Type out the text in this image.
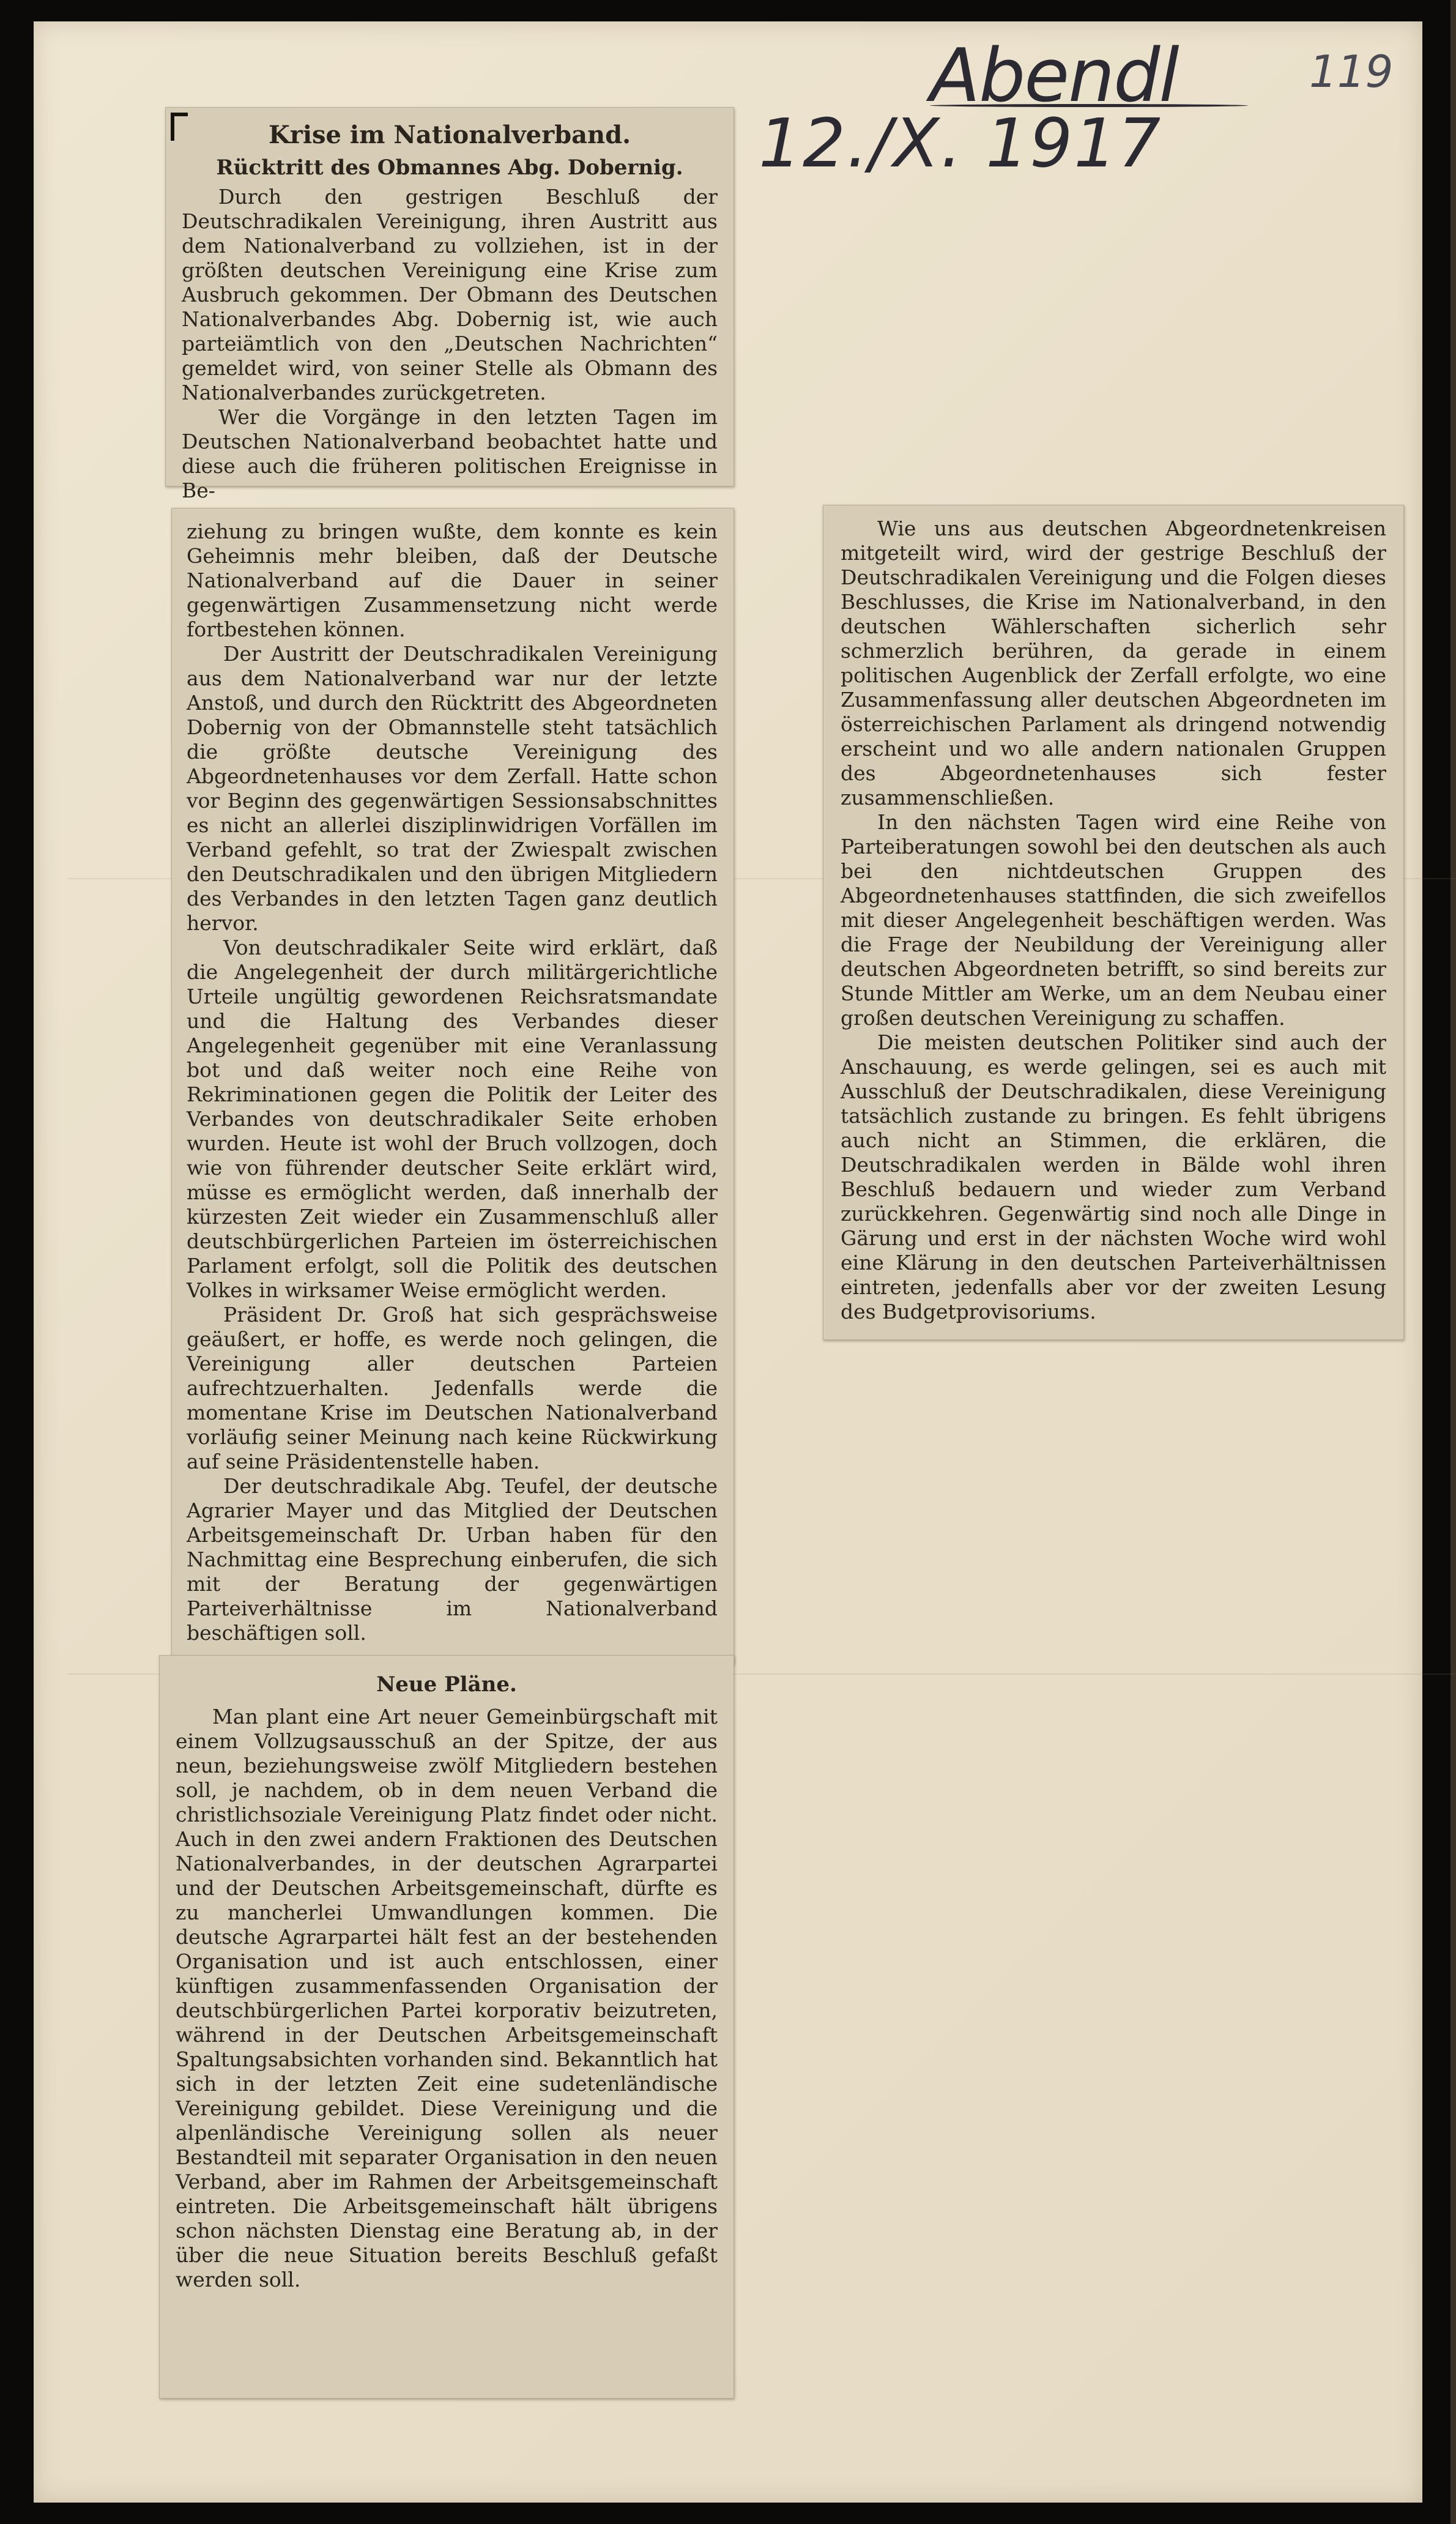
Abendl	119
12./X. 1917
Krise im Nationalverband.
Rücktritt des Obmannes Abg. Dobernig.

Durch den gestrigen Beschluß der Deutschradikalen Vereinigung, ihren Austritt aus dem Nationalverband zu vollziehen, ist in der größten deutschen Vereinigung eine Krise zum Ausbruch gekommen. Der Obmann des Deutschen Nationalverbandes Abg. Dobernig ist, wie auch parteiämtlich von den „Deutschen Nachrichten“ gemeldet wird, von seiner Stelle als Obmann des Nationalverbandes zurückgetreten.

Wer die Vorgänge in den letzten Tagen im Deutschen Nationalverband beobachtet hatte und diese auch die früheren politischen Ereignisse in Be-

ziehung zu bringen wußte, dem konnte es kein Geheimnis mehr bleiben, daß der Deutsche Nationalverband auf die Dauer in seiner gegenwärtigen Zusammensetzung nicht werde fortbestehen können.

Der Austritt der Deutschradikalen Vereinigung aus dem Nationalverband war nur der letzte Anstoß, und durch den Rücktritt des Abgeordneten Dobernig von der Obmannstelle steht tatsächlich die größte deutsche Vereinigung des Abgeordnetenhauses vor dem Zerfall. Hatte schon vor Beginn des gegenwärtigen Sessionsabschnittes es nicht an allerlei disziplinwidrigen Vorfällen im Verband gefehlt, so trat der Zwiespalt zwischen den Deutschradikalen und den übrigen Mitgliedern des Verbandes in den letzten Tagen ganz deutlich hervor.

Von deutschradikaler Seite wird erklärt, daß die Angelegenheit der durch militärgerichtliche Urteile ungültig gewordenen Reichsratsmandate und die Haltung des Verbandes dieser Angelegenheit gegenüber mit eine Veranlassung bot und daß weiter noch eine Reihe von Rekriminationen gegen die Politik der Leiter des Verbandes von deutschradikaler Seite erhoben wurden. Heute ist wohl der Bruch vollzogen, doch wie von führender deutscher Seite erklärt wird, müsse es ermöglicht werden, daß innerhalb der kürzesten Zeit wieder ein Zusammenschluß aller deutschbürgerlichen Parteien im österreichischen Parlament erfolgt, soll die Politik des deutschen Volkes in wirksamer Weise ermöglicht werden.

Präsident Dr. Groß hat sich gesprächsweise geäußert, er hoffe, es werde noch gelingen, die Vereinigung aller deutschen Parteien aufrechtzuerhalten. Jedenfalls werde die momentane Krise im Deutschen Nationalverband vorläufig seiner Meinung nach keine Rückwirkung auf seine Präsidentenstelle haben.

Der deutschradikale Abg. Teufel, der deutsche Agrarier Mayer und das Mitglied der Deutschen Arbeitsgemeinschaft Dr. Urban haben für den Nachmittag eine Besprechung einberufen, die sich mit der Beratung der gegenwärtigen Parteiverhältnisse im Nationalverband beschäftigen soll.

Neue Pläne.

Man plant eine Art neuer Gemeinbürgschaft mit einem Vollzugsausschuß an der Spitze, der aus neun, beziehungsweise zwölf Mitgliedern bestehen soll, je nachdem, ob in dem neuen Verband die christlichsoziale Vereinigung Platz findet oder nicht. Auch in den zwei andern Fraktionen des Deutschen Nationalverbandes, in der deutschen Agrarpartei und der Deutschen Arbeitsgemeinschaft, dürfte es zu mancherlei Umwandlungen kommen. Die deutsche Agrarpartei hält fest an der bestehenden Organisation und ist auch entschlossen, einer künftigen zusammenfassenden Organisation der deutschbürgerlichen Partei korporativ beizutreten, während in der Deutschen Arbeitsgemeinschaft Spaltungsabsichten vorhanden sind. Bekanntlich hat sich in der letzten Zeit eine sudetenländische Vereinigung gebildet. Diese Vereinigung und die alpenländische Vereinigung sollen als neuer Bestandteil mit separater Organisation in den neuen Verband, aber im Rahmen der Arbeitsgemeinschaft eintreten. Die Arbeitsgemeinschaft hält übrigens schon nächsten Dienstag eine Beratung ab, in der über die neue Situation bereits Beschluß gefaßt werden soll.

Wie uns aus deutschen Abgeordnetenkreisen mitgeteilt wird, wird der gestrige Beschluß der Deutschradikalen Vereinigung und die Folgen dieses Beschlusses, die Krise im Nationalverband, in den deutschen Wählerschaften sicherlich sehr schmerzlich berühren, da gerade in einem politischen Augenblick der Zerfall erfolgte, wo eine Zusammenfassung aller deutschen Abgeordneten im österreichischen Parlament als dringend notwendig erscheint und wo alle andern nationalen Gruppen des Abgeordnetenhauses sich fester zusammenschließen.

In den nächsten Tagen wird eine Reihe von Parteiberatungen sowohl bei den deutschen als auch bei den nichtdeutschen Gruppen des Abgeordnetenhauses stattfinden, die sich zweifellos mit dieser Angelegenheit beschäftigen werden. Was die Frage der Neubildung der Vereinigung aller deutschen Abgeordneten betrifft, so sind bereits zur Stunde Mittler am Werke, um an dem Neubau einer großen deutschen Vereinigung zu schaffen.

Die meisten deutschen Politiker sind auch der Anschauung, es werde gelingen, sei es auch mit Ausschluß der Deutschradikalen, diese Vereinigung tatsächlich zustande zu bringen. Es fehlt übrigens auch nicht an Stimmen, die erklären, die Deutschradikalen werden in Bälde wohl ihren Beschluß bedauern und wieder zum Verband zurückkehren. Gegenwärtig sind noch alle Dinge in Gärung und erst in der nächsten Woche wird wohl eine Klärung in den deutschen Parteiverhältnissen eintreten, jedenfalls aber vor der zweiten Lesung des Budgetprovisoriums.
